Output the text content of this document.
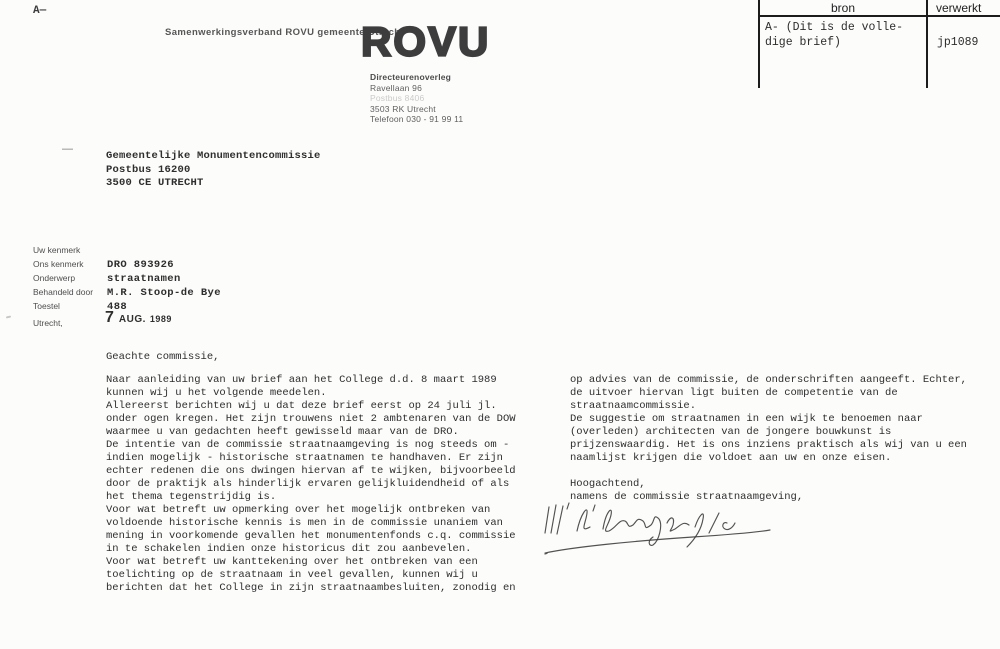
A—
Samenwerkingsverband ROVU gemeente Utrecht
ROVU
Directeurenoverleg
Ravellaan 96
Postbus 8406
3503 RK Utrecht
Telefoon 030 - 91 99 11
bron	verwerkt
A- (Dit is de volle-
dige brief)	jp1089
—
Gemeentelijke Monumentencommissie
Postbus 16200
3500 CE UTRECHT
Uw kenmerk
Ons kenmerk	DRO 893926
Onderwerp	straatnamen
Behandeld door	M.R. Stoop-de Bye
Toestel	488
Utrecht,	7 AUG. 1989
Geachte commissie,
Naar aanleiding van uw brief aan het College d.d. 8 maart 1989
kunnen wij u het volgende meedelen.
Allereerst berichten wij u dat deze brief eerst op 24 juli jl.
onder ogen kregen. Het zijn trouwens niet 2 ambtenaren van de DOW
waarmee u van gedachten heeft gewisseld maar van de DRO.
De intentie van de commissie straatnaamgeving is nog steeds om -
indien mogelijk - historische straatnamen te handhaven. Er zijn
echter redenen die ons dwingen hiervan af te wijken, bijvoorbeeld
door de praktijk als hinderlijk ervaren gelijkluidendheid of als
het thema tegenstrijdig is.
Voor wat betreft uw opmerking over het mogelijk ontbreken van
voldoende historische kennis is men in de commissie unaniem van
mening in voorkomende gevallen het monumentenfonds c.q. commissie
in te schakelen indien onze historicus dit zou aanbevelen.
Voor wat betreft uw kanttekening over het ontbreken van een
toelichting op de straatnaam in veel gevallen, kunnen wij u
berichten dat het College in zijn straatnaambesluiten, zonodig en
op advies van de commissie, de onderschriften aangeeft. Echter,
de uitvoer hiervan ligt buiten de competentie van de
straatnaamcommissie.
De suggestie om straatnamen in een wijk te benoemen naar
(overleden) architecten van de jongere bouwkunst is
prijzenswaardig. Het is ons inziens praktisch als wij van u een
naamlijst krijgen die voldoet aan uw en onze eisen.

Hoogachtend,
namens de commissie straatnaamgeving,
